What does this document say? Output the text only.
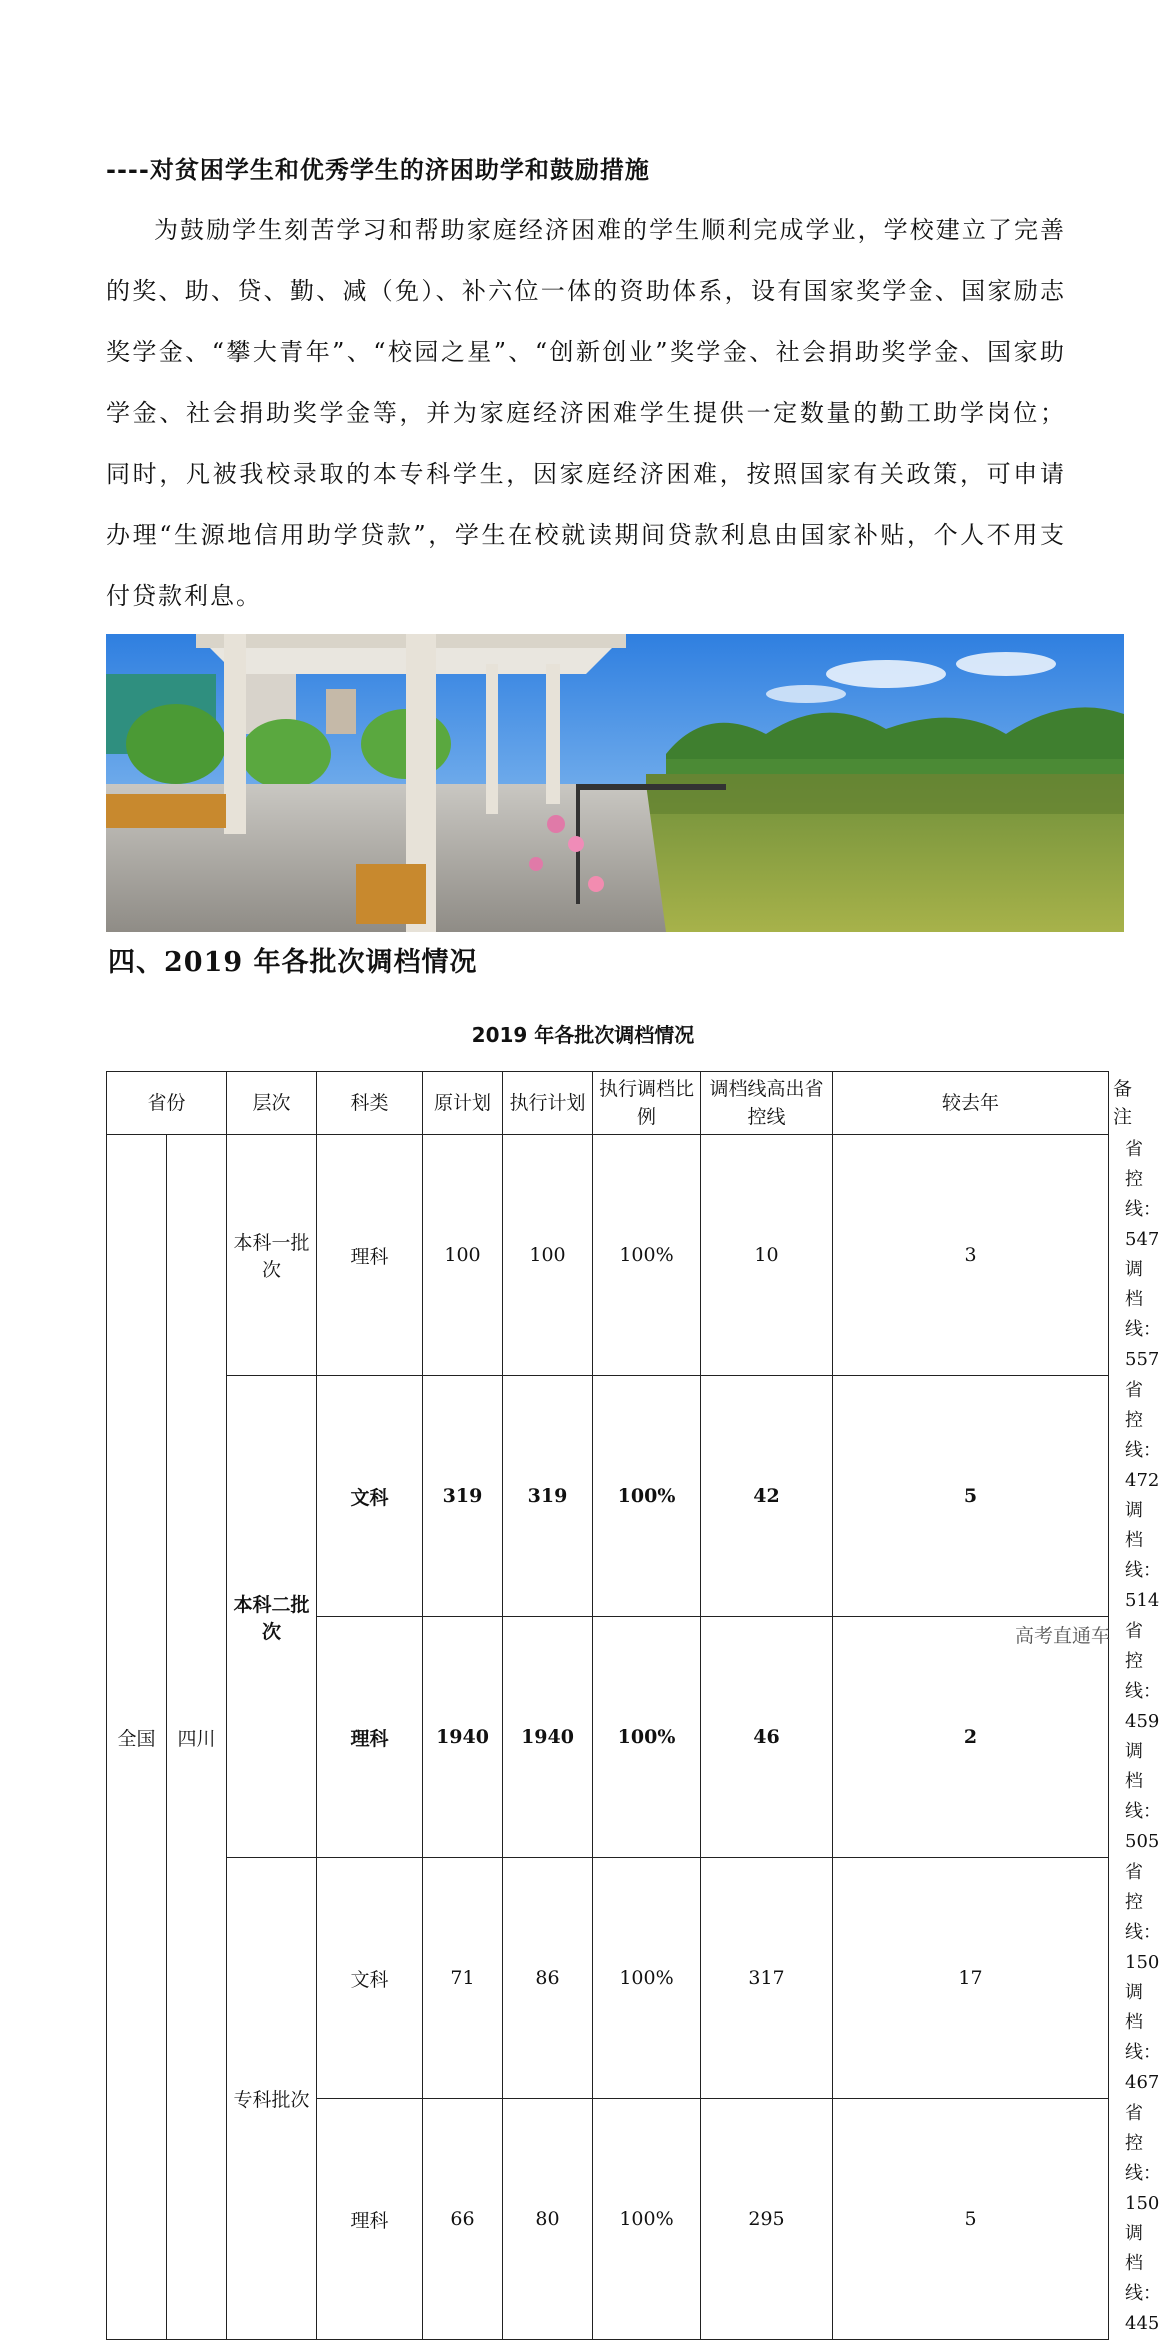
----对贫困学生和优秀学生的济困助学和鼓励措施
为鼓励学生刻苦学习和帮助家庭经济困难的学生顺利完成学业，学校建立了完善的奖、助、贷、勤、减（免）、补六位一体的资助体系，设有国家奖学金、国家励志奖学金、“攀大青年”、“校园之星”、“创新创业”奖学金、社会捐助奖学金、国家助学金、社会捐助奖学金等，并为家庭经济困难学生提供一定数量的勤工助学岗位；同时，凡被我校录取的本专科学生，因家庭经济困难，按照国家有关政策，可申请办理“生源地信用助学贷款”，学生在校就读期间贷款利息由国家补贴，个人不用支付贷款利息。
四、2019 年各批次调档情况
2019 年各批次调档情况
省份		层次	科类	原计划	执行计划	执行调档比例	调档线高出省控线	较去年	备注
全国	四川	本科一批次	理科	100	100	100%	10	3	省控线：547
调档线：557
		本科二批次	文科	319	319	100%	42	5	省控线：472
调档线：514
			理科	1940	1940	100%	46	2	省控线：459
调档线：505
		专科批次	文科	71	86	100%	317	17	省控线：150
调档线：467
			理科	66	80	100%	295	5	省控线：150
调档线：445
高考直通车
